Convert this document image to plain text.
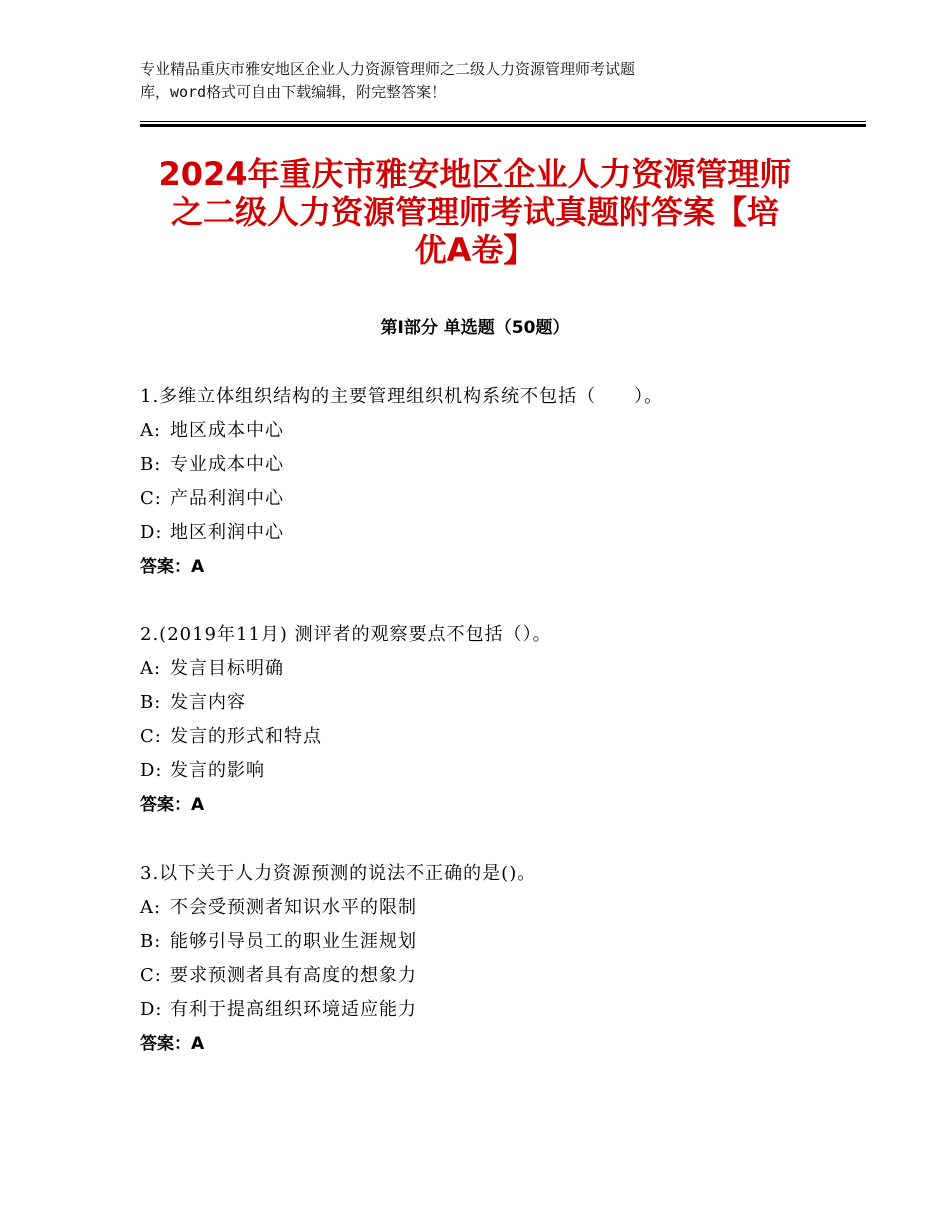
专业精品重庆市雅安地区企业人力资源管理师之二级人力资源管理师考试题
库，word格式可自由下载编辑，附完整答案！
2024年重庆市雅安地区企业人力资源管理师
之二级人力资源管理师考试真题附答案【培
优A卷】
第Ⅰ部分 单选题（50题）
1.多维立体组织结构的主要管理组织机构系统不包括（　　）。
A: 地区成本中心
B: 专业成本中心
C: 产品利润中心
D: 地区利润中心
答案：A
2.(2019年11月) 测评者的观察要点不包括（）。
A: 发言目标明确
B: 发言内容
C: 发言的形式和特点
D: 发言的影响
答案：A
3.以下关于人力资源预测的说法不正确的是()。
A: 不会受预测者知识水平的限制
B: 能够引导员工的职业生涯规划
C: 要求预测者具有高度的想象力
D: 有利于提高组织环境适应能力
答案：A
